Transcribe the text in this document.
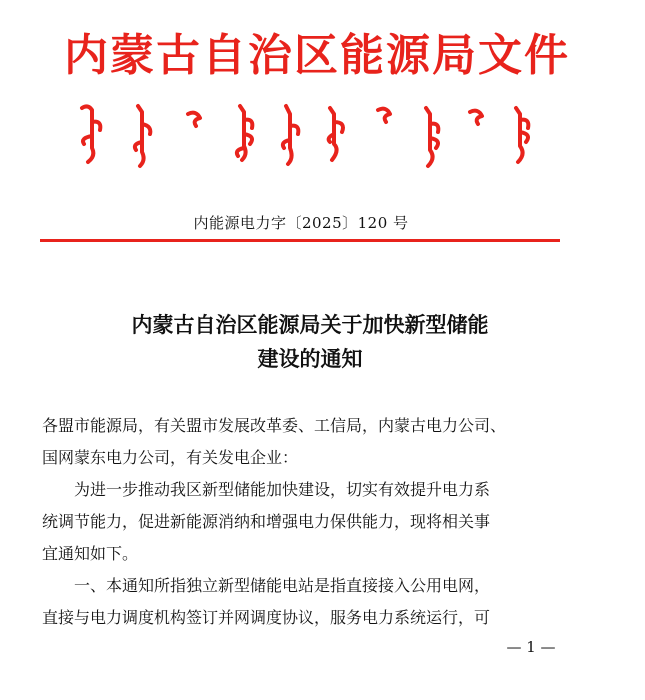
内蒙古自治区能源局文件
内能源电力字〔2025〕120 号
内蒙古自治区能源局关于加快新型储能
建设的通知

各盟市能源局，有关盟市发展改革委、工信局，内蒙古电力公司、

国网蒙东电力公司，有关发电企业：

　　为进一步推动我区新型储能加快建设，切实有效提升电力系

统调节能力，促进新能源消纳和增强电力保供能力，现将相关事

宜通知如下。

　　一、本通知所指独立新型储能电站是指直接接入公用电网，

直接与电力调度机构签订并网调度协议，服务电力系统运行，可

— 1 —
